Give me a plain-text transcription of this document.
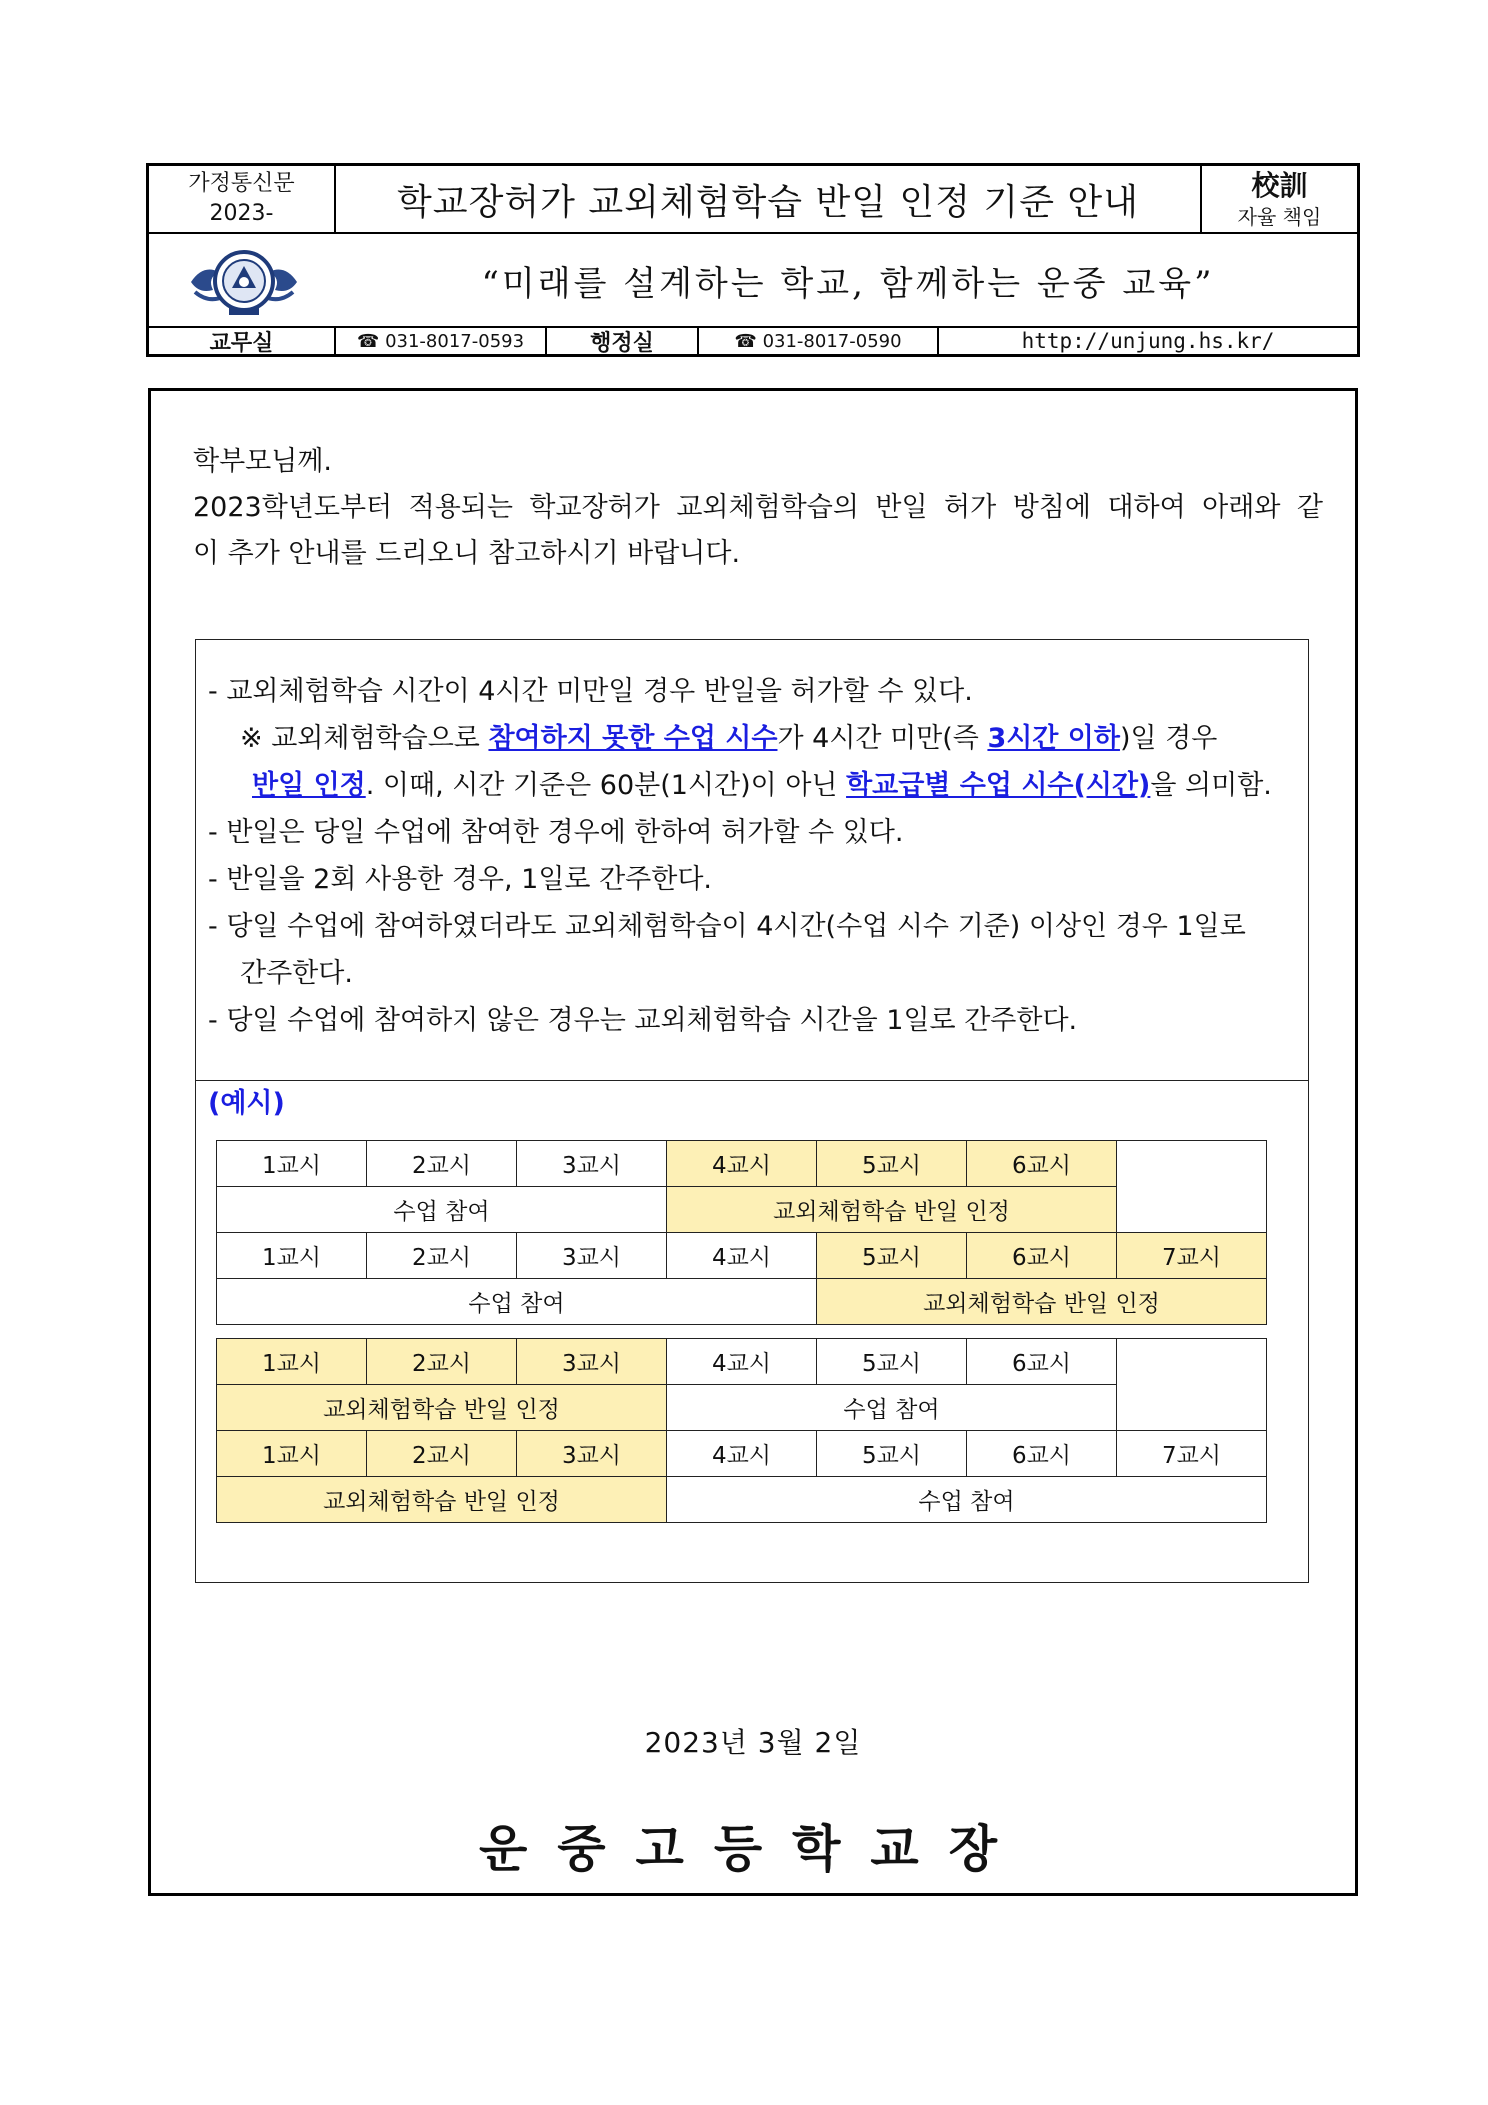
가정통신문
2023-	학교장허가 교외체험학습 반일 인정 기준 안내	校訓
자율 책임
“미래를 설계하는 학교, 함께하는 운중 교육”
교무실	☎ 031-8017-0593	행정실	☎ 031-8017-0590	http://unjung.hs.kr/

학부모님께.

2023학년도부터 적용되는 학교장허가 교외체험학습의 반일 허가 방침에 대하여 아래와 같

이 추가 안내를 드리오니 참고하시기 바랍니다.

- 교외체험학습 시간이 4시간 미만일 경우 반일을 허가할 수 있다.

※ 교외체험학습으로 참여하지 못한 수업 시수가 4시간 미만(즉 3시간 이하)일 경우

반일 인정. 이때, 시간 기준은 60분(1시간)이 아닌 학교급별 수업 시수(시간)을 의미함.

- 반일은 당일 수업에 참여한 경우에 한하여 허가할 수 있다.

- 반일을 2회 사용한 경우, 1일로 간주한다.

- 당일 수업에 참여하였더라도 교외체험학습이 4시간(수업 시수 기준) 이상인 경우 1일로

간주한다.

- 당일 수업에 참여하지 않은 경우는 교외체험학습 시간을 1일로 간주한다.

(예시)
1교시	2교시	3교시	4교시	5교시	6교시	
수업 참여			교외체험학습 반일 인정			
1교시	2교시	3교시	4교시	5교시	6교시	7교시
수업 참여				교외체험학습 반일 인정		
1교시	2교시	3교시	4교시	5교시	6교시	
교외체험학습 반일 인정			수업 참여			
1교시	2교시	3교시	4교시	5교시	6교시	7교시
교외체험학습 반일 인정			수업 참여			
2023년 3월 2일
운중고등학교장
